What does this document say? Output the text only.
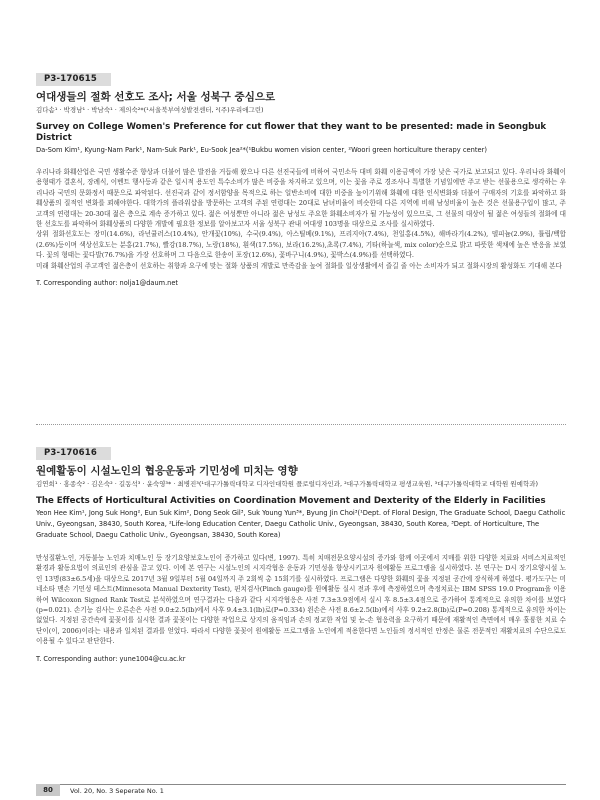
P3-170615
여대생들의 절화 선호도 조사; 서울 성북구 중심으로
김다솜¹ · 박경남¹ · 박남숙¹ · 제의숙²*(¹서울북부여성발전센터, ²(주)우리애그린)
Survey on College Women's Preference for cut flower that they want to be presented: made in Seongbuk District
Da-Som Kim¹, Kyung-Nam Park¹, Nam-Suk Park¹, Eu-Sook Jea²*(¹Bukbu women vision center, ²Woori green horticulture therapy center)

우리나라 화훼산업은 국민 생활수준 향상과 더불어 많은 발전을 거듭해 왔으나 다른 선진국들에 비하여 국민소득 대비 화훼 이용금액이 가장 낮은 국가로 보고되고 있다. 우리나라 화훼이용형태가 결혼식, 장례식, 이벤트 행사등과 같은 일시적 용도인 특수소비가 많은 비중을 차지하고 있으며, 이는 꽃을 주로 경조사나 특별한 기념일에만 주고 받는 선물용으로 생각하는 우리나라 국민의 문화정서 때문으로 파악된다. 선진국과 같이 정서함양을 목적으로 하는 일반소비에 대한 비중을 높이기위해 화훼에 대한 인식변화와 더불어 구매자의 기호를 파악하고 화훼상품의 질적인 변화를 꾀해야한다. 대학가의 플라워샵을 방문하는 고객의 주된 연령대는 20대로 남녀비율이 비슷한데 다른 지역에 비해 남성비율이 높은 것은 선물용구입이 많고, 주 고객의 연령대는 20-30대 젊은 층으로 계속 증가하고 있다. 젊은 여성뿐만 아니라 젊은 남성도 주요한 화훼소비자가 될 가능성이 있으므로, 그 선물의 대상이 될 젊은 여성들의 절화에 대한 선호도를 파악하여 화훼상품의 다양한 개발에 필요한 정보를 알아보고자 서울 성북구 관내 여대생 103명을 대상으로 조사를 실시하였다.

상위 절화선호도는 장미(14.6%), 라넌큘러스(10.4%), 안개꽃(10%), 수국(9.4%), 아스틸베(9.1%), 프리지아(7.4%), 천일홍(4.5%), 해바라기(4.2%), 델피늄(2.9%), 튤립/백합(2.6%)등이며 색상선호도는 분홍(21.7%), 빨강(18.7%), 노랑(18%), 흰색(17.5%), 보라(16.2%),초록(7.4%), 기타(하늘색, mix color)순으로 밝고 따뜻한 색채에 높은 반응을 보였다. 꽃의 형태는 꽃다발(76.7%)을 가장 선호하며 그 다음으로 한송이 포장(12.6%), 꽃바구니(4.9%), 꽃박스(4.9%)를 선택하였다.

미래 화훼산업의 주고객인 젊은층이 선호하는 취향과 요구에 맞는 절화 상품의 개발로 만족감을 높여 절화를 일상생활에서 즐길 줄 아는 소비자가 되고 절화시장의 활성화도 기대해 본다

T. Corresponding author: nolja1@daum.net
P3-170616
원예활동이 시설노인의 협응운동과 기민성에 미치는 영향
김연희¹ · 홍종숙² · 김은숙² · 길동석³ · 윤숙영³* · 최병진³(¹대구가톨릭대학교 디자인대학원 플로럴디자인과, ²대구가톨릭대학교 평생교육원, ³대구가톨릭대학교 대학원 원예학과)
The Effects of Horticultural Activities on Coordination Movement and Dexterity of the Elderly in Facilities
Yeon Hee Kim¹, Jong Suk Hong², Eun Suk Kim², Dong Seok Gil³, Suk Young Yun³*, Byung Jin Choi³(¹Dept. of Floral Design, The Graduate School, Daegu Catholic Univ., Gyeongsan, 38430, South Korea, ²Life-long Education Center, Daegu Catholic Univ., Gyeongsan, 38430, South Korea, ³Dept. of Horticulture, The Graduate School, Daegu Catholic Univ., Gyeongsan, 38430, South Korea)

만성질환노인, 거동불능 노인과 치매노인 등 장기요양보호노인이 증가하고 있다(변, 1997). 특히 치매전문요양시설의 증가와 함께 이곳에서 지매를 위한 다양한 치료와 서비스치료적인 환경과 활동요법이 의료인의 관심을 끌고 있다. 이에 본 연구는 시설노인의 시지각협응 운동과 기민성을 향상시키고자 원예활동 프로그램을 실시하였다. 본 연구는 D시 장기요양시설 노인 13명(83±6.5세)을 대상으로 2017년 3월 9일부터 5월 04일까지 주 2회씩 총 15회기를 실시하였다. 프로그램은 다양한 화훼의 꽃을 지정된 공간에 장식하게 하였다. 평가도구는 미네소타 맨손 기민성 테스트(Minnesota Manual Dexterity Test), 핀치검사(Pinch gauge)를 원예활동 실시 전과 후에 측정하였으며 측정치료는 IBM SPSS 19.0 Program을 이용하여 Wilcoxon Signed Rank Test로 분석하였으며 연구결과는 다음과 같다 시지각협응은 사전 7.3±3.9점에서 실시 후 8.5±3.4점으로 증가하여 통계적으로 유의한 차이를 보였다(p=0.021). 손기능 검사는 오른손은 사전 9.0±2.5(lb)에서 사후 9.4±3.1(lb)로(P=0.334) 왼손은 사전 8.6±2.5(lb)에서 사후 9.2±2.8(lb)로(P=0.208) 통계적으로 유의한 차이는 없었다. 지정된 공간속에 꽃꽂이를 실시한 결과 꽃꽂이는 다양한 작업으로 상지의 움직임과 손의 정교한 작업 및 눈-손 협응력을 요구하기 때문에 재활적인 측면에서 매우 훌륭한 치료 수단이(이, 2006)이라는 내용과 일치된 결과를 얻었다. 따라서 다양한 꽃꽂이 원예활동 프로그램을 노인에게 적용한다면 노인들의 정서적인 안정은 물론 전문적인 재활치료의 수단으로도 이용될 수 있다고 판단한다.

T. Corresponding author: yune1004@cu.ac.kr
80	Vol. 20, No. 3 Seperate No. 1
